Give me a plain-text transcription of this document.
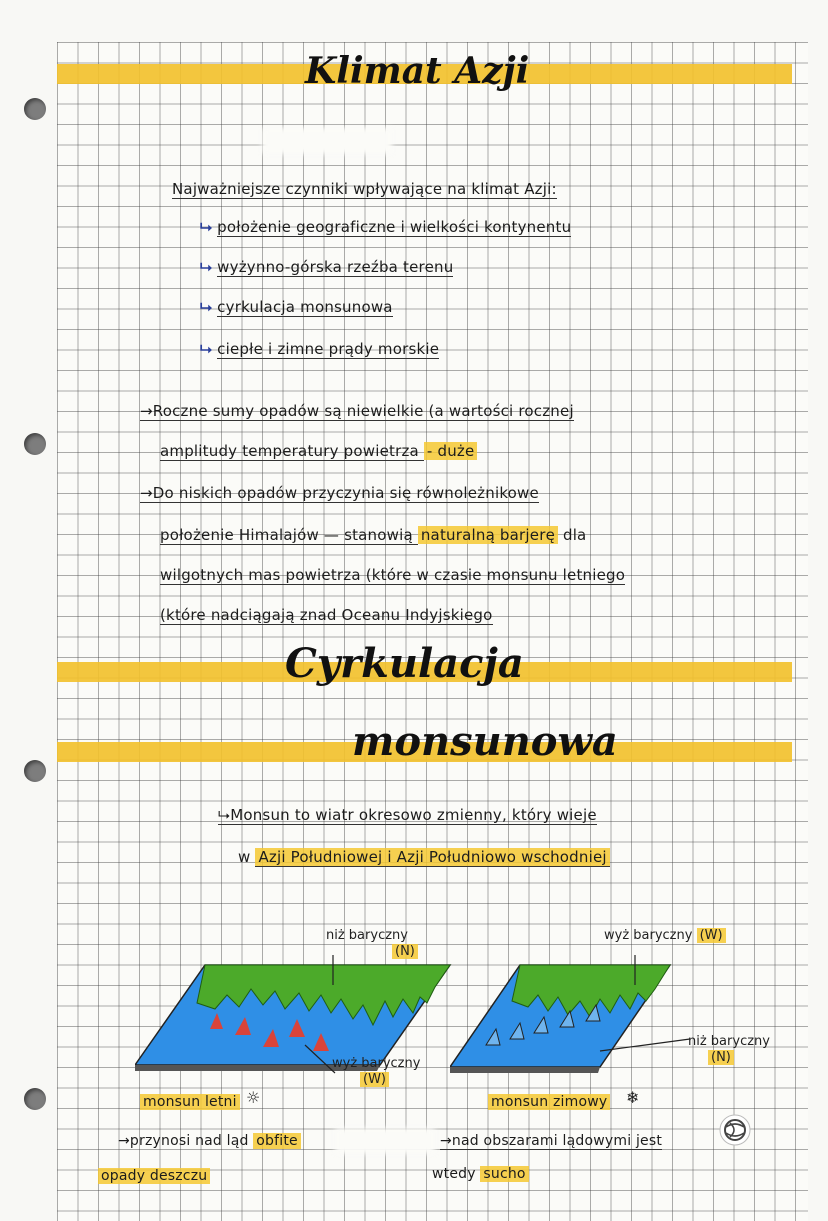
Klimat Azji
Najważniejsze czynniki wpływające na klimat Azji:
⮡ położenie geograficzne i wielkości kontynentu
⮡ wyżynno-górska rzeźba terenu
⮡ cyrkulacja monsunowa
⮡ ciepłe i zimne prądy morskie
→Roczne sumy opadów są niewielkie (a wartości rocznej
amplitudy temperatury powietrza - duże
→Do niskich opadów przyczynia się równoleżnikowe
położenie Himalajów — stanowią naturalną barjerę dla
wilgotnych mas powietrza (które w czasie monsunu letniego
(które nadciągają znad Oceanu Indyjskiego
Cyrkulacja
monsunowa
⮡Monsun to wiatr okresowo zmienny, który wieje
w Azji Południowej i Azji Południowo wschodniej
niż baryczny
(N)
wyż baryczny
(W)
wyż baryczny (W)
niż baryczny
(N)
monsun letni ☼
→przynosi nad ląd obfite
opady deszczu
monsun zimowy ❄
→nad obszarami lądowymi jest
wtedy sucho
